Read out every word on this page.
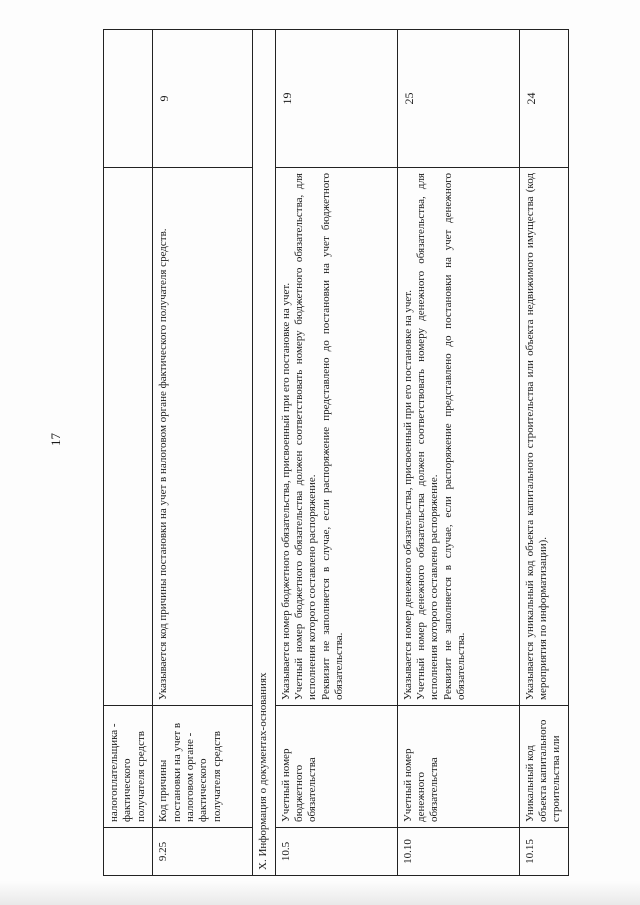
17
	налогоплательщика - фактического получателя средств		
9.25	Код причины постановки на учет в налоговом органе - фактического получателя средств	Указывается код причины постановки на учет в налоговом органе фактического получателя средств.	9
X. Информация о документах-основаниях			
10.5	Учетный номер бюджетного обязательства	Указывается номер бюджетного обязательства, присвоенный при его постановке на учет. Учетный номер бюджетного обязательства должен соответствовать номеру бюджетного обязательства, для исполнения которого составлено распоряжение. Реквизит не заполняется в случае, если распоряжение представлено до постановки на учет бюджетного обязательства.	19
10.10	Учетный номер денежного обязательства	Указывается номер денежного обязательства, присвоенный при его постановке на учет. Учетный номер денежного обязательства должен соответствовать номеру денежного обязательства, для исполнения которого составлено распоряжение. Реквизит не заполняется в случае, если распоряжение представлено до постановки на учет денежного обязательства.	25
10.15	Уникальный код объекта капитального строительства или	Указывается уникальный код объекта капитального строительства или объекта недвижимого имущества (код мероприятия по информатизации).	24
